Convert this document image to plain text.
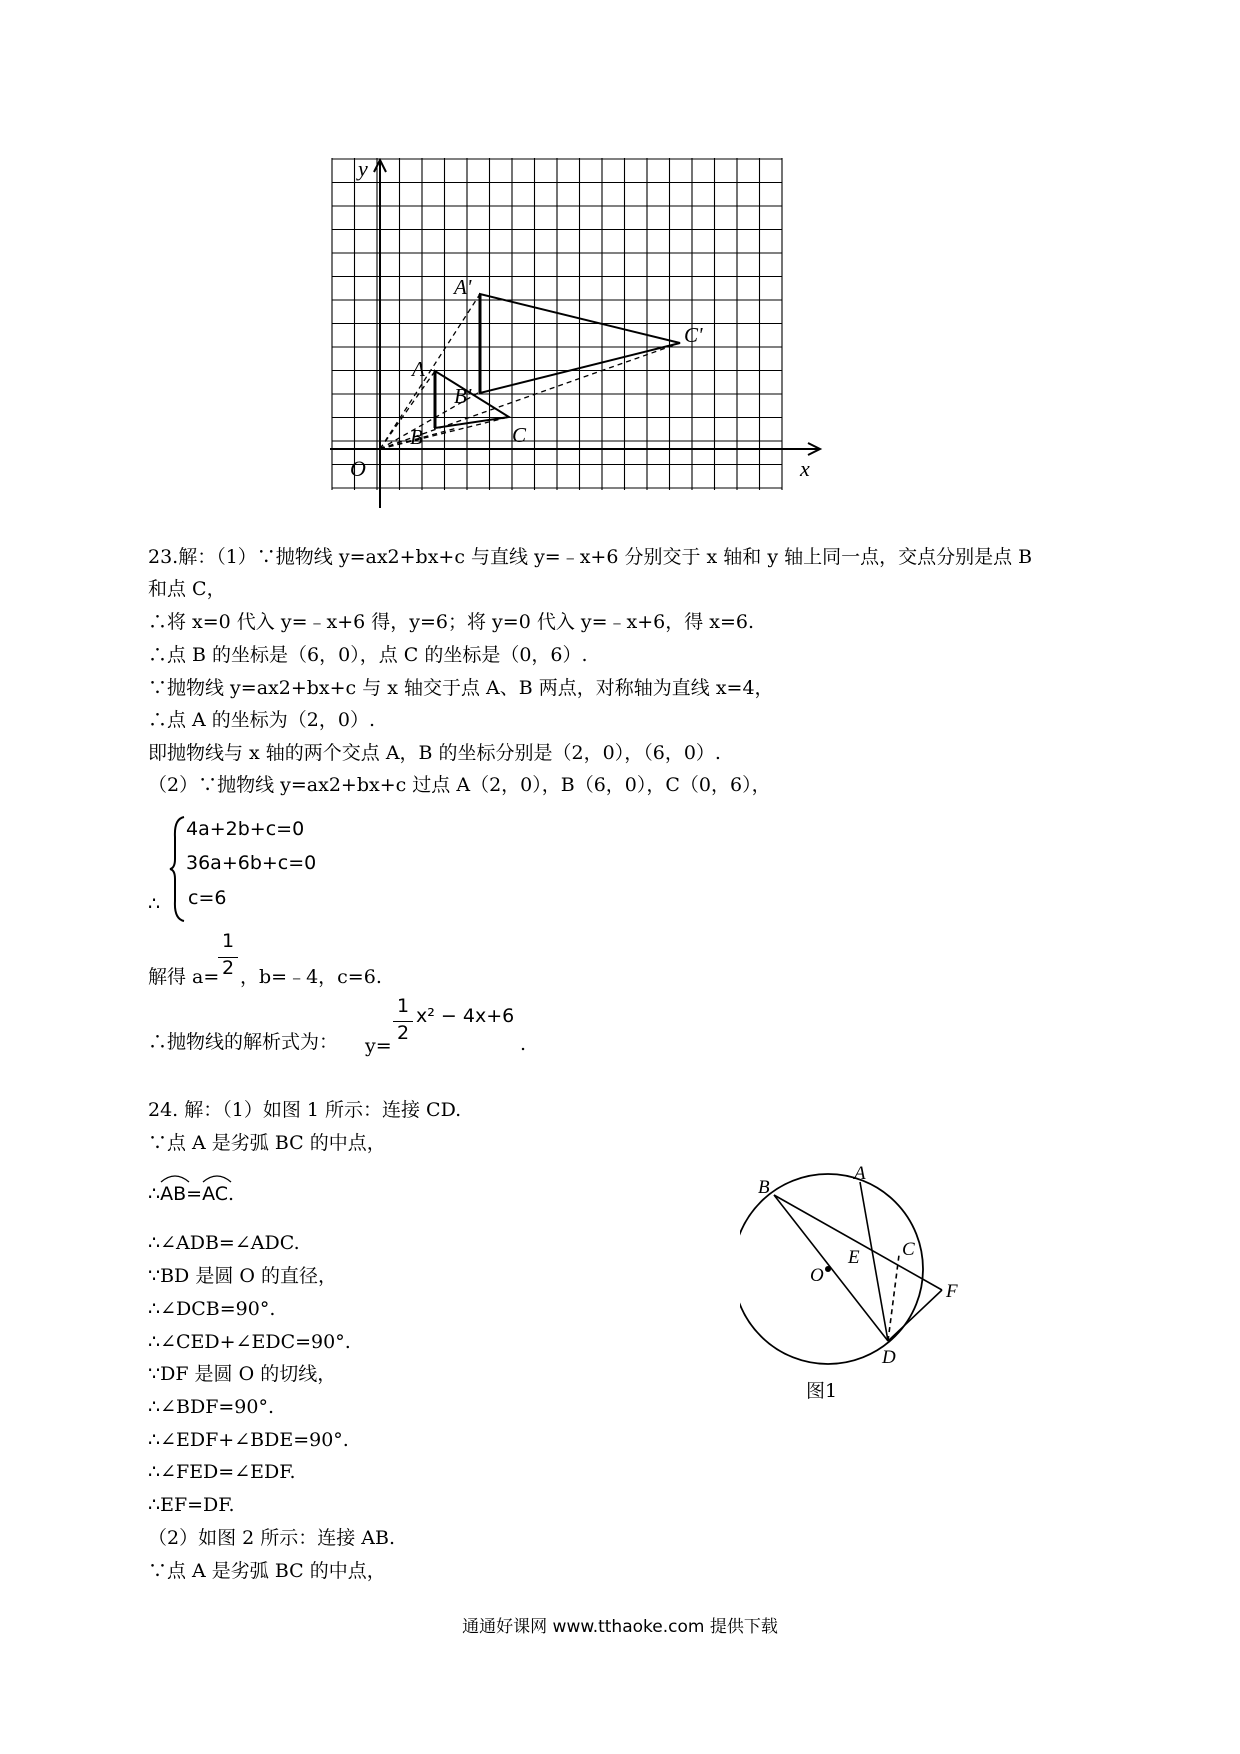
y
x
O
A
B	C
A'
B'
C'
23.解：（1）∵抛物线 y=ax2+bx+c 与直线 y=﹣x+6 分别交于 x 轴和 y 轴上同一点，交点分别是点 B
和点 C，
∴将 x=0 代入 y=﹣x+6 得，y=6；将 y=0 代入 y=﹣x+6，得 x=6.
∴点 B 的坐标是（6，0），点 C 的坐标是（0，6）.
∵抛物线 y=ax2+bx+c 与 x 轴交于点 A、B 两点，对称轴为直线 x=4，
∴点 A 的坐标为（2，0）.
即抛物线与 x 轴的两个交点 A，B 的坐标分别是（2，0），（6，0）.
（2）∵抛物线 y=ax2+bx+c 过点 A（2，0），B（6，0），C（0，6），
4a+2b+c=0
36a+6b+c=0
c=6
∴
1
2
解得 a= ，b=﹣4，c=6.
∴抛物线的解析式为： y=
1
2
x² − 4x+6
.
24. 解：（1）如图 1 所示：连接 CD.
∵点 A 是劣弧 BC 的中点，
∴
AB=
AC.
∴∠ADB=∠ADC.
∵BD 是圆 O 的直径，
∴∠DCB=90°.
∴∠CED+∠EDC=90°.
∵DF 是圆 O 的切线，
∴∠BDF=90°.
∴∠EDF+∠BDE=90°.
∴∠FED=∠EDF.
∴EF=DF.
（2）如图 2 所示：连接 AB.
∵点 A 是劣弧 BC 的中点，
A
B
C
D
E
F
O
图1
通通好课网 www.tthaoke.com 提供下载
